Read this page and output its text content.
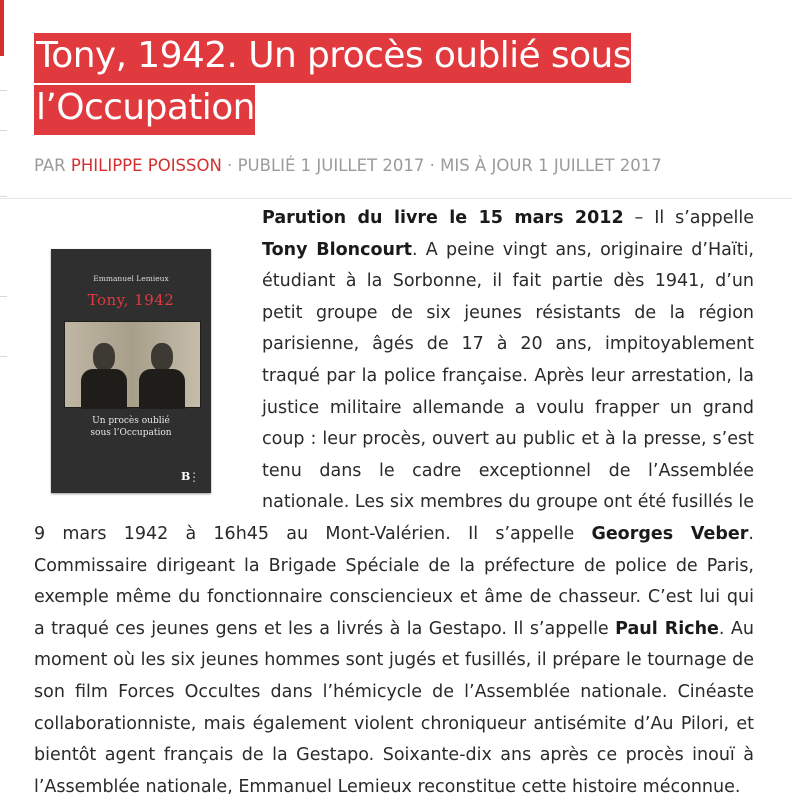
Tony, 1942. Un procès oublié sous l’Occupation
PAR PHILIPPE POISSON · PUBLIÉ 1 JUILLET 2017 · MIS À JOUR 1 JUILLET 2017

Emmanuel Lemieux
Tony, 1942
Un procès oublié
sous l’Occupation
B ▪
▪
▪
Parution du livre le 15 mars 2012 – Il s’appelle Tony Bloncourt. A peine vingt ans, originaire d’Haïti, étudiant à la Sorbonne, il fait partie dès 1941, d’un petit groupe de six jeunes résistants de la région parisienne, âgés de 17 à 20 ans, impitoyablement traqué par la police française. Après leur arrestation, la justice militaire allemande a voulu frapper un grand coup : leur procès, ouvert au public et à la presse, s’est tenu dans le cadre exceptionnel de l’Assemblée nationale. Les six membres du groupe ont été fusillés le 9 mars 1942 à 16h45 au Mont-Valérien. Il s’appelle Georges Veber. Commissaire dirigeant la Brigade Spéciale de la préfecture de police de Paris, exemple même du fonctionnaire consciencieux et âme de chasseur. C’est lui qui a traqué ces jeunes gens et les a livrés à la Gestapo. Il s’appelle Paul Riche. Au moment où les six jeunes hommes sont jugés et fusillés, il prépare le tournage de son film Forces Occultes dans l’hémicycle de l’Assemblée nationale. Cinéaste collaborationniste, mais également violent chroniqueur antisémite d’Au Pilori, et bientôt agent français de la Gestapo. Soixante-dix ans après ce procès inouï à l’Assemblée nationale, Emmanuel Lemieux reconstitue cette histoire méconnue.
